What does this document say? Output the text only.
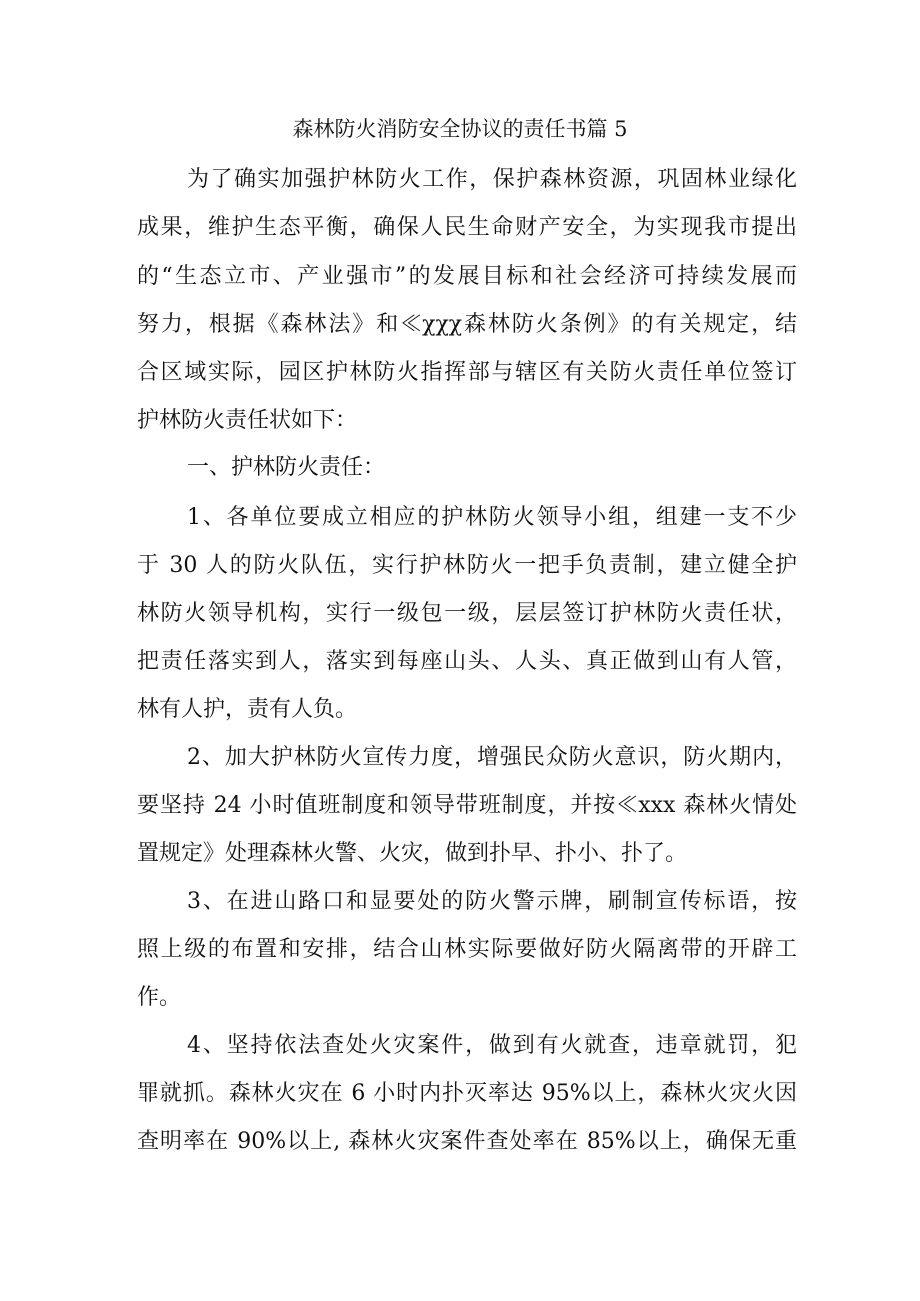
森林防火消防安全协议的责任书篇 5
为了确实加强护林防火工作，保护森林资源，巩固林业绿化
成果，维护生态平衡，确保人民生命财产安全，为实现我市提出
的“生态立市、产业强市”的发展目标和社会经济可持续发展而
努力，根据《森林法》和≪χχχ森林防火条例》的有关规定，结
合区域实际，园区护林防火指挥部与辖区有关防火责任单位签订
护林防火责任状如下：
一、护林防火责任：
1、各单位要成立相应的护林防火领导小组，组建一支不少
于 30 人的防火队伍，实行护林防火一把手负责制，建立健全护
林防火领导机构，实行一级包一级，层层签订护林防火责任状，
把责任落实到人，落实到每座山头、人头、真正做到山有人管，
林有人护，责有人负。
2、加大护林防火宣传力度，增强民众防火意识，防火期内，
要坚持 24 小时值班制度和领导带班制度，并按≪xxx 森林火情处
置规定》处理森林火警、火灾，做到扑早、扑小、扑了。
3、在进山路口和显要处的防火警示牌，刷制宣传标语，按
照上级的布置和安排，结合山林实际要做好防火隔离带的开辟工
作。
4、坚持依法查处火灾案件，做到有火就查，违章就罚，犯
罪就抓。森林火灾在 6 小时内扑灭率达 95%以上，森林火灾火因
查明率在 90%以上, 森林火灾案件查处率在 85%以上，确保无重
